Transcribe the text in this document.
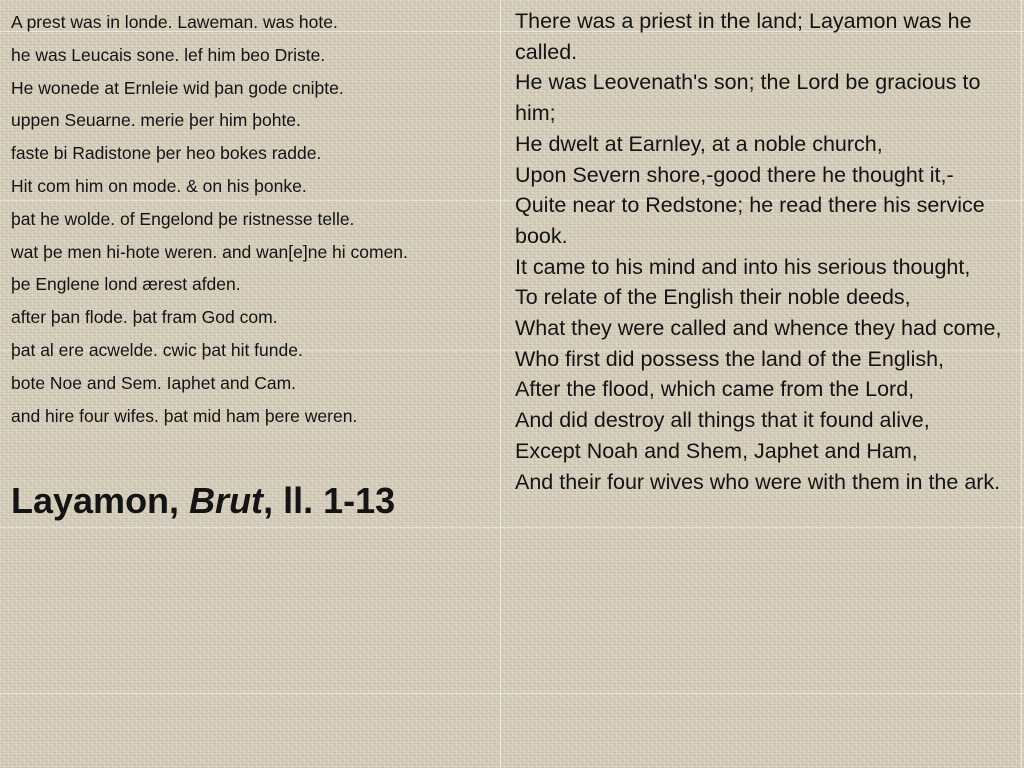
A prest was in londe. Laweman. was hote.

he was Leucais sone. lef him beo Driste.

He wonede at Ernleie wid þan gode cniþte.

uppen Seuarne. merie þer him þohte.

faste bi Radistone þer heo bokes radde.

Hit com him on mode. & on his þonke.

þat he wolde. of Engelond þe ristnesse telle.

wat þe men hi-hote weren. and wan[e]ne hi comen.

þe Englene lond ærest afden.

after þan flode. þat fram God com.

þat al ere acwelde. cwic þat hit funde.

bote Noe and Sem. Iaphet and Cam.

and hire four wifes. þat mid ham þere weren.

Layamon, Brut, ll. 1-13

There was a priest in the land; Layamon was he called.

He was Leovenath's son; the Lord be gracious to him;

He dwelt at Earnley, at a noble church,

Upon Severn shore,-good there he thought it,-

Quite near to Redstone; he read there his service book.

It came to his mind and into his serious thought,

To relate of the English their noble deeds,

What they were called and whence they had come,

Who first did possess the land of the English,

After the flood, which came from the Lord,

And did destroy all things that it found alive,

Except Noah and Shem, Japhet and Ham,

And their four wives who were with them in the ark.
